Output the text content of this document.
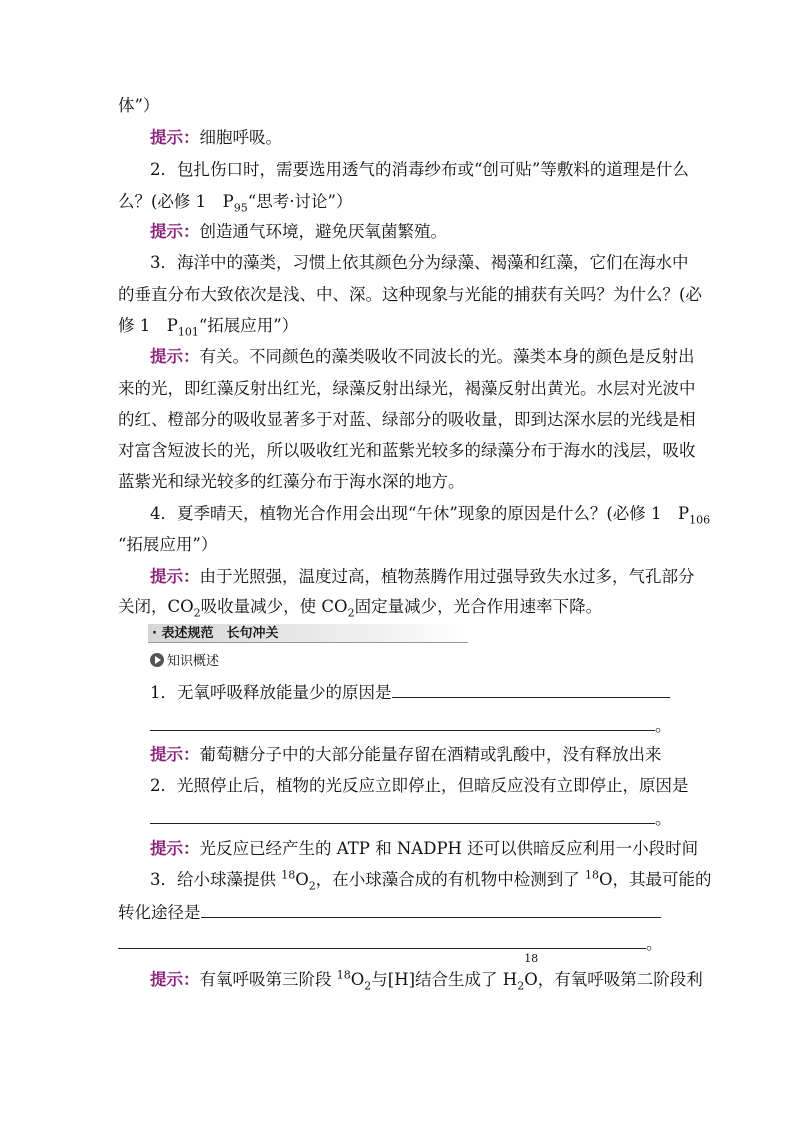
体”）
提示：细胞呼吸。
2．包扎伤口时，需要选用透气的消毒纱布或“创可贴”等敷料的道理是什么
么？(必修 1　$P_{95}“$思考·讨论”）
提示：创造通气环境，避免厌氧菌繁殖。
3．海洋中的藻类，习惯上依其颜色分为绿藻、褐藻和红藻，它们在海水中
的垂直分布大致依次是浅、中、深。这种现象与光能的捕获有关吗？为什么？(必
修 1　$P_{101}“$拓展应用”）
提示：有关。不同颜色的藻类吸收不同波长的光。藻类本身的颜色是反射出
来的光，即红藻反射出红光，绿藻反射出绿光，褐藻反射出黄光。水层对光波中
的红、橙部分的吸收显著多于对蓝、绿部分的吸收量，即到达深水层的光线是相
对富含短波长的光，所以吸收红光和蓝紫光较多的绿藻分布于海水的浅层，吸收
蓝紫光和绿光较多的红藻分布于海水深的地方。
4．夏季晴天，植物光合作用会出现“午休”现象的原因是什么？(必修 1　$P_{106}$
“拓展应用”）
提示：由于光照强，温度过高，植物蒸腾作用过强导致失水过多，气孔部分
关闭，$CO_2$吸收量减少，使 $CO_2$固定量减少，光合作用速率下降。
· 表述规范　长句冲关
知识概述
1．无氧呼吸释放能量少的原因是
。
提示：葡萄糖分子中的大部分能量存留在酒精或乳酸中，没有释放出来
2．光照停止后，植物的光反应立即停止，但暗反应没有立即停止，原因是
。
提示：光反应已经产生的 ATP 和 NADPH 还可以供暗反应利用一小段时间
3．给小球藻提供 $^{18}O_2$，在小球藻合成的有机物中检测到了 $^{18}$O，其最可能的
转化途径是
。
提示：有氧呼吸第三阶段 $^{18}O_2$与[H]结合生成了 H
18
$_2$O，有氧呼吸第二阶段利
